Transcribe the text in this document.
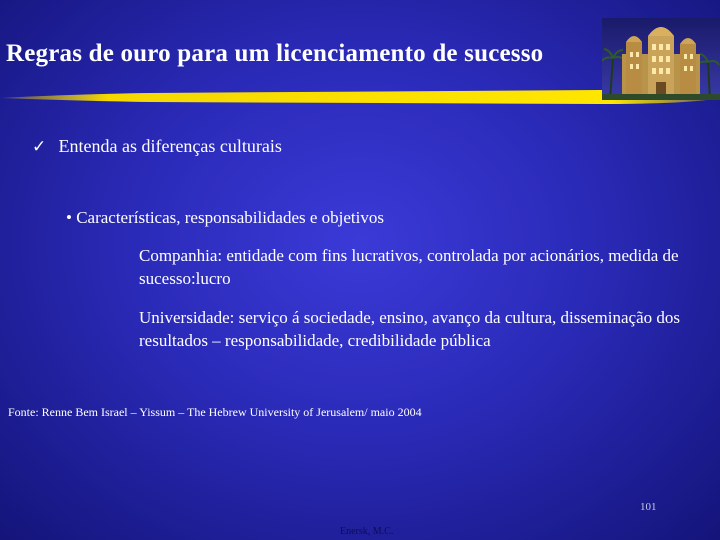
Regras de ouro para um licenciamento de sucesso
✓ Entenda as diferenças culturais
• Características, responsabilidades e objetivos
Companhia: entidade com fins lucrativos, controlada por acionários, medida de sucesso:lucro
Universidade: serviço á sociedade, ensino, avanço da cultura, disseminação dos resultados – responsabilidade, credibilidade pública
Fonte: Renne Bem Israel – Yissum – The Hebrew University of Jerusalem/ maio 2004
101
Enersk, M.C.
